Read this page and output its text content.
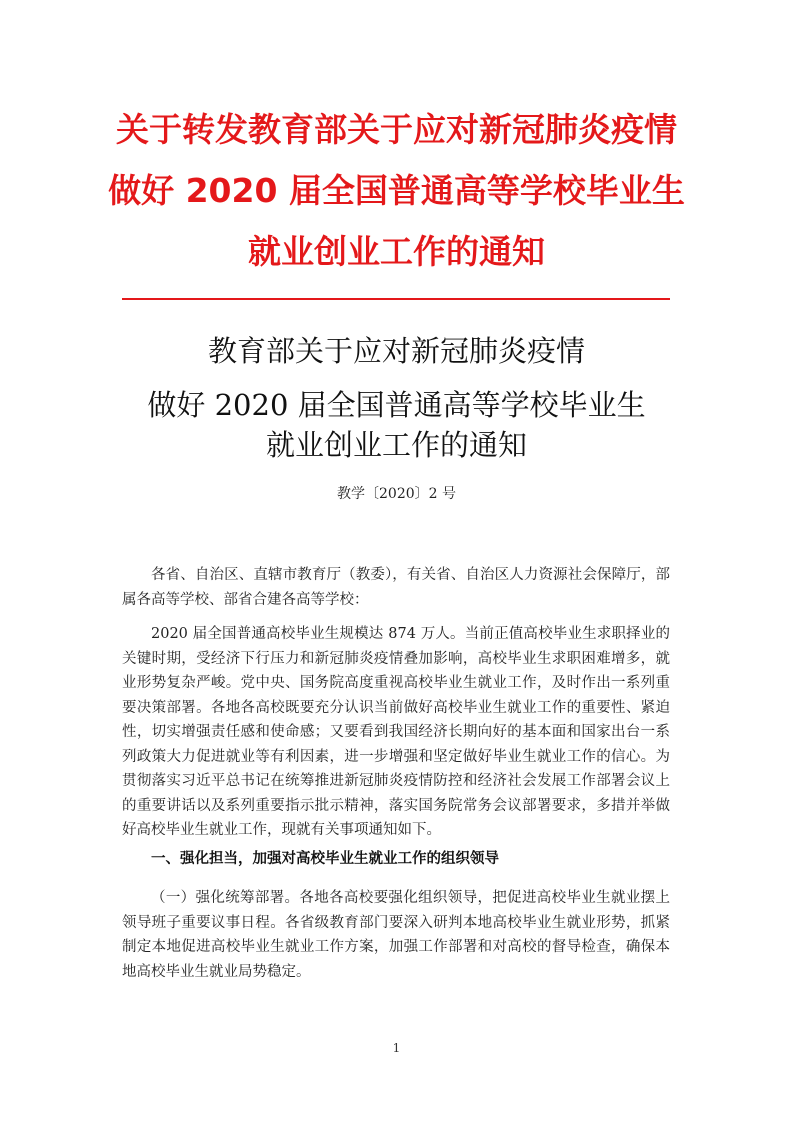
关于转发教育部关于应对新冠肺炎疫情
做好 2020 届全国普通高等学校毕业生
就业创业工作的通知
教育部关于应对新冠肺炎疫情
做好 2020 届全国普通高等学校毕业生
就业创业工作的通知
教学〔2020〕2 号

各省、自治区、直辖市教育厅（教委），有关省、自治区人力资源社会保障厅，部属各高等学校、部省合建各高等学校：

2020 届全国普通高校毕业生规模达 874 万人。当前正值高校毕业生求职择业的关键时期，受经济下行压力和新冠肺炎疫情叠加影响，高校毕业生求职困难增多，就业形势复杂严峻。党中央、国务院高度重视高校毕业生就业工作，及时作出一系列重要决策部署。各地各高校既要充分认识当前做好高校毕业生就业工作的重要性、紧迫性，切实增强责任感和使命感；又要看到我国经济长期向好的基本面和国家出台一系列政策大力促进就业等有利因素，进一步增强和坚定做好毕业生就业工作的信心。为贯彻落实习近平总书记在统筹推进新冠肺炎疫情防控和经济社会发展工作部署会议上的重要讲话以及系列重要指示批示精神，落实国务院常务会议部署要求，多措并举做好高校毕业生就业工作，现就有关事项通知如下。

一、强化担当，加强对高校毕业生就业工作的组织领导

（一）强化统筹部署。各地各高校要强化组织领导，把促进高校毕业生就业摆上领导班子重要议事日程。各省级教育部门要深入研判本地高校毕业生就业形势，抓紧制定本地促进高校毕业生就业工作方案，加强工作部署和对高校的督导检查，确保本地高校毕业生就业局势稳定。

1
